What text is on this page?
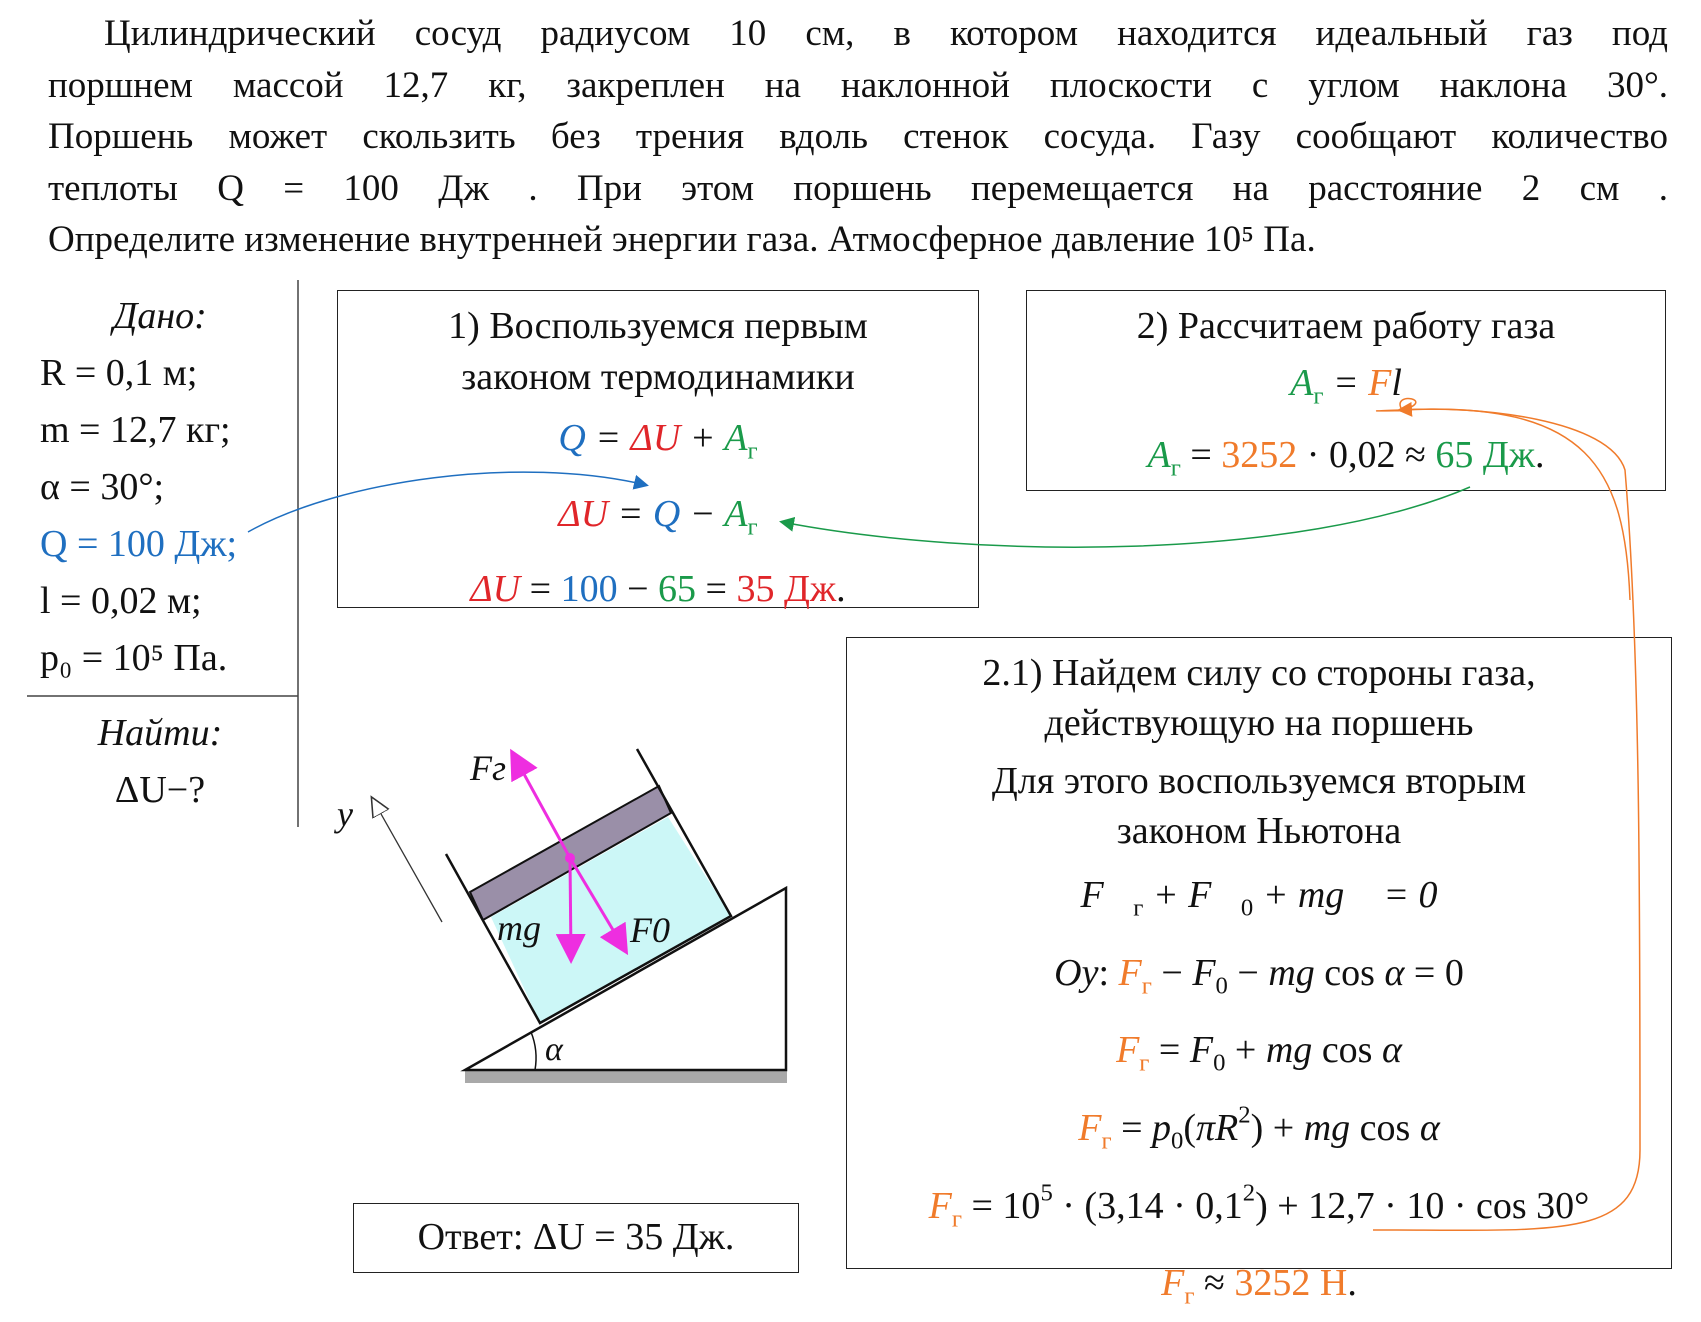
Цилиндрический сосуд радиусом 10 см, в котором находится идеальный газ под
поршнем массой 12,7 кг, закреплен на наклонной плоскости с углом наклона 30°.
Поршень может скользить без трения вдоль стенок сосуда. Газу сообщают количество
теплоты Q = 100 Дж . При этом поршень перемещается на расстояние 2 см .
Определите изменение внутренней энергии газа. Атмосферное давление 10⁵ Па.
Дано:
R = 0,1 м;
m = 12,7 кг;
α = 30°;
Q = 100 Дж;
l = 0,02 м;
p₀ = 10⁵ Па.
Найти:
ΔU−?
1) Воспользуемся первым
законом термодинамики
$Q = \Delta U + A_г$
$\Delta U = Q - A_г$
ΔU = 100 − 65 = 35 Дж.
2) Рассчитаем работу газа
$A_г = Fl$
$A_г = 3252 \cdot 0,02 \approx 65$ Дж.
2.1) Найдем силу со стороны газа,
действующую на поршень
Для этого воспользуемся вторым
законом Ньютона
$F⃗_г$ + $F⃗_0$ + mg⃗ = 0
Oy: $F_г - F_0$ − mg cos α = 0
$F_г = F_0$ + mg cos α
$F_г = p_0(\pi R^2)$ + mg cos α
$F_г = 10^5 \cdot (3,14 \cdot 0,1^2) + 12,7 \cdot 10 \cdot \cos 30^\circ$
$F_г \approx 3252$ Н.
Ответ: ΔU = 35 Дж.
Fг
mg F0
y
α
